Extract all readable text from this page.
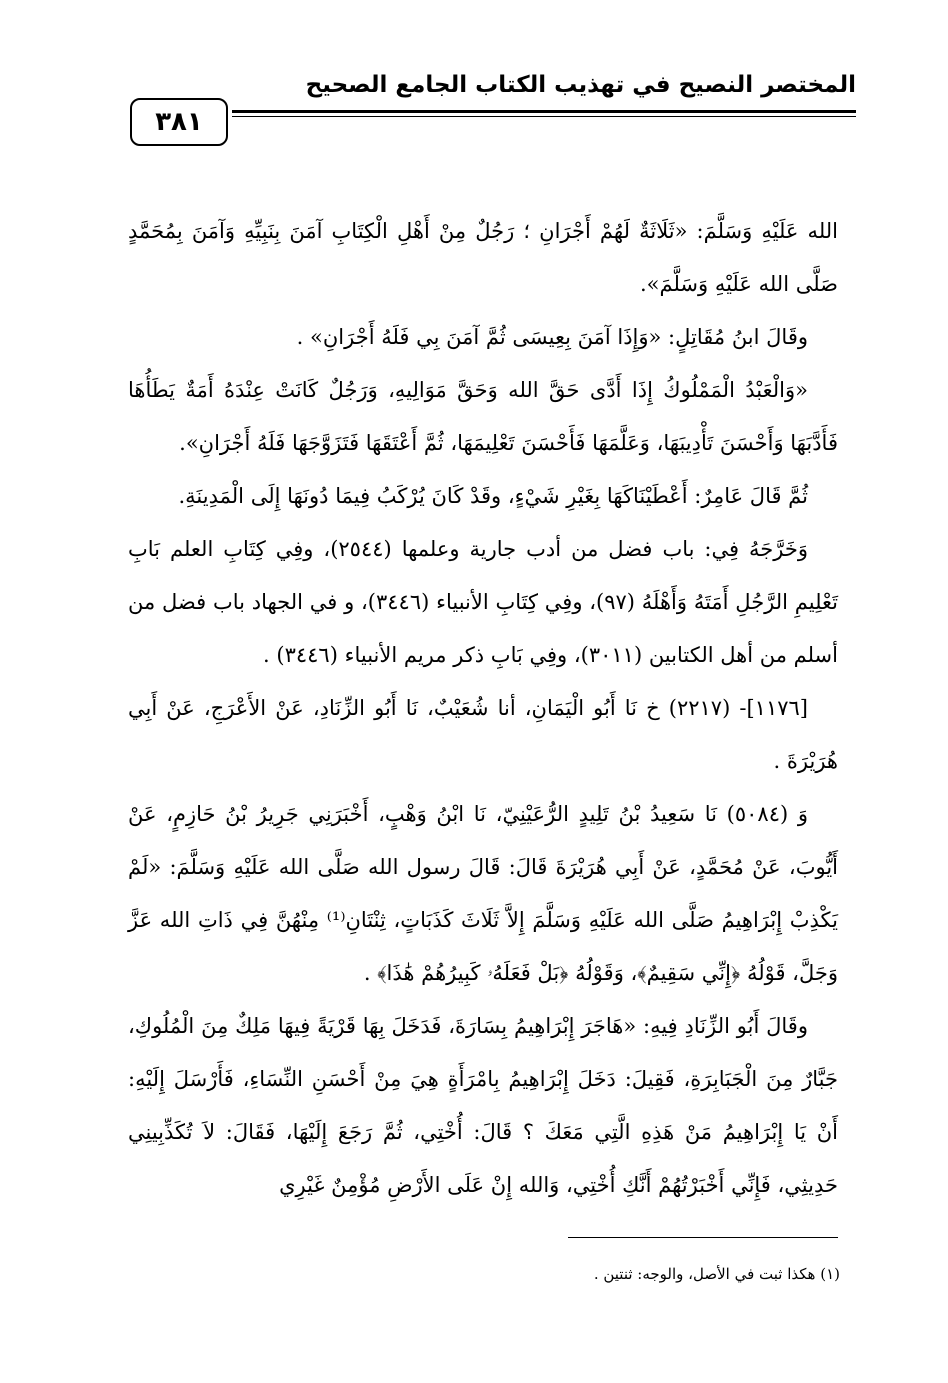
المختصر النصيح في تهذيب الكتاب الجامع الصحيح
٣٨١

الله عَلَيْهِ وَسَلَّمَ: «ثَلَاثَةٌ لَهُمْ أَجْرَانِ ؛ رَجُلٌ مِنْ أَهْلِ الْكِتَابِ آمَنَ بِنَبِيِّهِ وَآمَنَ بِمُحَمَّدٍ صَلَّى الله عَلَيْهِ وَسَلَّمَ».

وقَالَ ابنُ مُقَاتِلٍ: «وَإِذَا آمَنَ بِعِيسَى ثُمَّ آمَنَ بِي فَلَهُ أَجْرَانِ» .

«وَالْعَبْدُ الْمَمْلُوكُ إِذَا أَدَّى حَقَّ الله وَحَقَّ مَوَالِيهِ، وَرَجُلٌ كَانَتْ عِنْدَهُ أَمَةٌ يَطَأُهَا فَأَدَّبَهَا وَأَحْسَنَ تَأْدِيبَهَا، وَعَلَّمَهَا فَأَحْسَنَ تَعْلِيمَهَا، ثُمَّ أَعْتَقَهَا فَتَزَوَّجَهَا فَلَهُ أَجْرَانِ».

ثُمَّ قَالَ عَامِرٌ: أَعْطَيْنَاكَهَا بِغَيْرِ شَيْءٍ، وقَدْ كَانَ يُرْكَبُ فِيمَا دُونَهَا إِلَى الْمَدِينَةِ.

وَخَرَّجَهُ فِي: باب فضل من أدب جارية وعلمها (٢٥٤٤)، وفِي كِتَابِ العلم بَابِ تَعْلِيمِ الرَّجُلِ أَمَتَهُ وَأَهْلَهُ (٩٧)، وفِي كِتَابِ الأنبياء (٣٤٤٦)، و في الجهاد باب فضل من أسلم من أهل الكتابين (٣٠١١)، وفِي بَابِ ذكر مريم الأنبياء (٣٤٤٦) .

[١١٧٦]- (٢٢١٧) خ نَا أَبُو الْيَمَانِ، أنا شُعَيْبٌ، نَا أَبُو الزِّنَادِ، عَنْ الأَعْرَجِ، عَنْ أَبِي هُرَيْرَةَ .

وَ (٥٠٨٤) نَا سَعِيدُ بْنُ تَلِيدٍ الرُّعَيْنِيّ، نَا ابْنُ وَهْبٍ، أَخْبَرَنِي جَرِيرُ بْنُ حَازِمٍ، عَنْ أَيُّوبَ، عَنْ مُحَمَّدٍ، عَنْ أَبِي هُرَيْرَةَ قَالَ: قَالَ رسول الله صَلَّى الله عَلَيْهِ وَسَلَّمَ: «لَمْ يَكْذِبْ إِبْرَاهِيمُ صَلَّى الله عَلَيْهِ وَسَلَّمَ إِلاَّ ثَلَاثَ كَذَبَاتٍ، ثِنْتَانِ⁽¹⁾ مِنْهُنَّ فِي ذَاتِ الله عَزَّ وَجَلَّ، قَوْلُهُ ﴿إِنِّي سَقِيمٌ﴾، وَقَوْلُهُ ﴿بَلْ فَعَلَهُۥ كَبِيرُهُمْ هَٰذَا﴾ .

وقَالَ أَبُو الزِّنَادِ فِيهِ: «هَاجَرَ إِبْرَاهِيمُ بِسَارَةَ، فَدَخَلَ بِهَا قَرْيَةً فِيهَا مَلِكٌ مِنَ الْمُلُوكِ، جَبَّارٌ مِنَ الْجَبَابِرَةِ، فَقِيلَ: دَخَلَ إِبْرَاهِيمُ بِامْرَأَةٍ هِيَ مِنْ أَحْسَنِ النِّسَاءِ، فَأَرْسَلَ إِلَيْهِ: أَنْ يَا إِبْرَاهِيمُ مَنْ هَذِهِ الَّتِي مَعَكَ ؟ قَالَ: أُخْتِي، ثُمَّ رَجَعَ إِلَيْهَا، فَقَالَ: لاَ تُكَذِّبِينِي حَدِيثِي، فَإِنِّي أَخْبَرْتُهُمْ أَنَّكِ أُخْتِي، وَالله إِنْ عَلَى الأَرْضِ مُؤْمِنٌ غَيْرِي

(١) هكذا ثبت في الأصل، والوجه: ثنتين .
